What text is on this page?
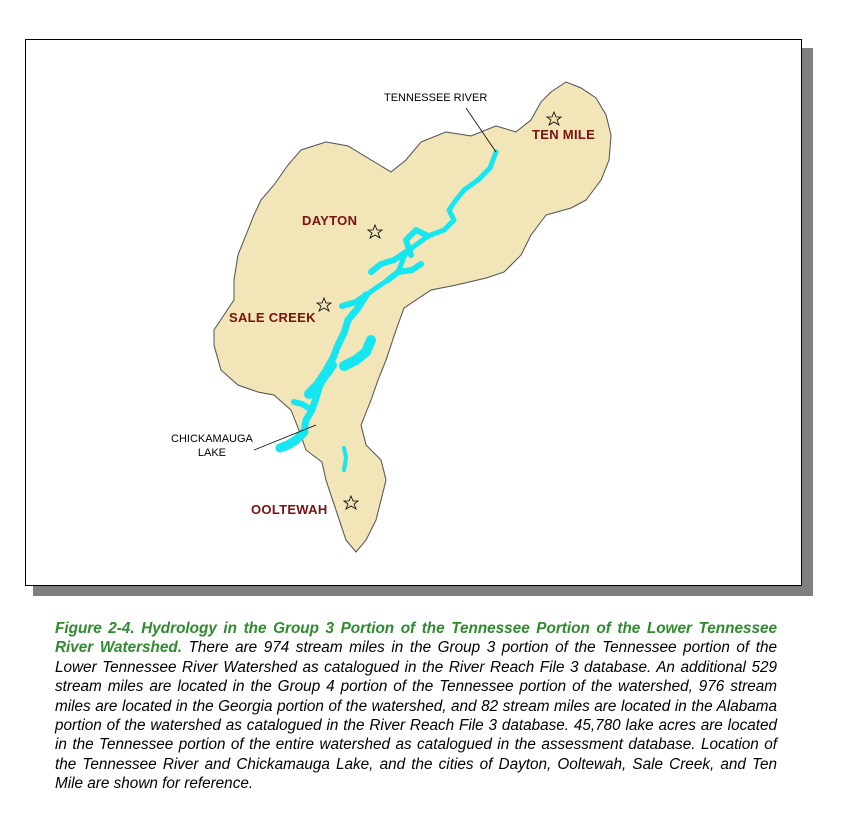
TENNESSEE RIVER
TEN MILE
DAYTON
SALE CREEK
CHICKAMAUGA
LAKE
OOLTEWAH
Figure 2-4. Hydrology in the Group 3 Portion of the Tennessee Portion of the Lower Tennessee River Watershed. There are 974 stream miles in the Group 3 portion of the Tennessee portion of the Lower Tennessee River Watershed as catalogued in the River Reach File 3 database. An additional 529 stream miles are located in the Group 4 portion of the Tennessee portion of the watershed, 976 stream miles are located in the Georgia portion of the watershed, and 82 stream miles are located in the Alabama portion of the watershed as catalogued in the River Reach File 3 database. 45,780 lake acres are located in the Tennessee portion of the entire watershed as catalogued in the assessment database. Location of the Tennessee River and Chickamauga Lake, and the cities of Dayton, Ooltewah, Sale Creek, and Ten Mile are shown for reference.
